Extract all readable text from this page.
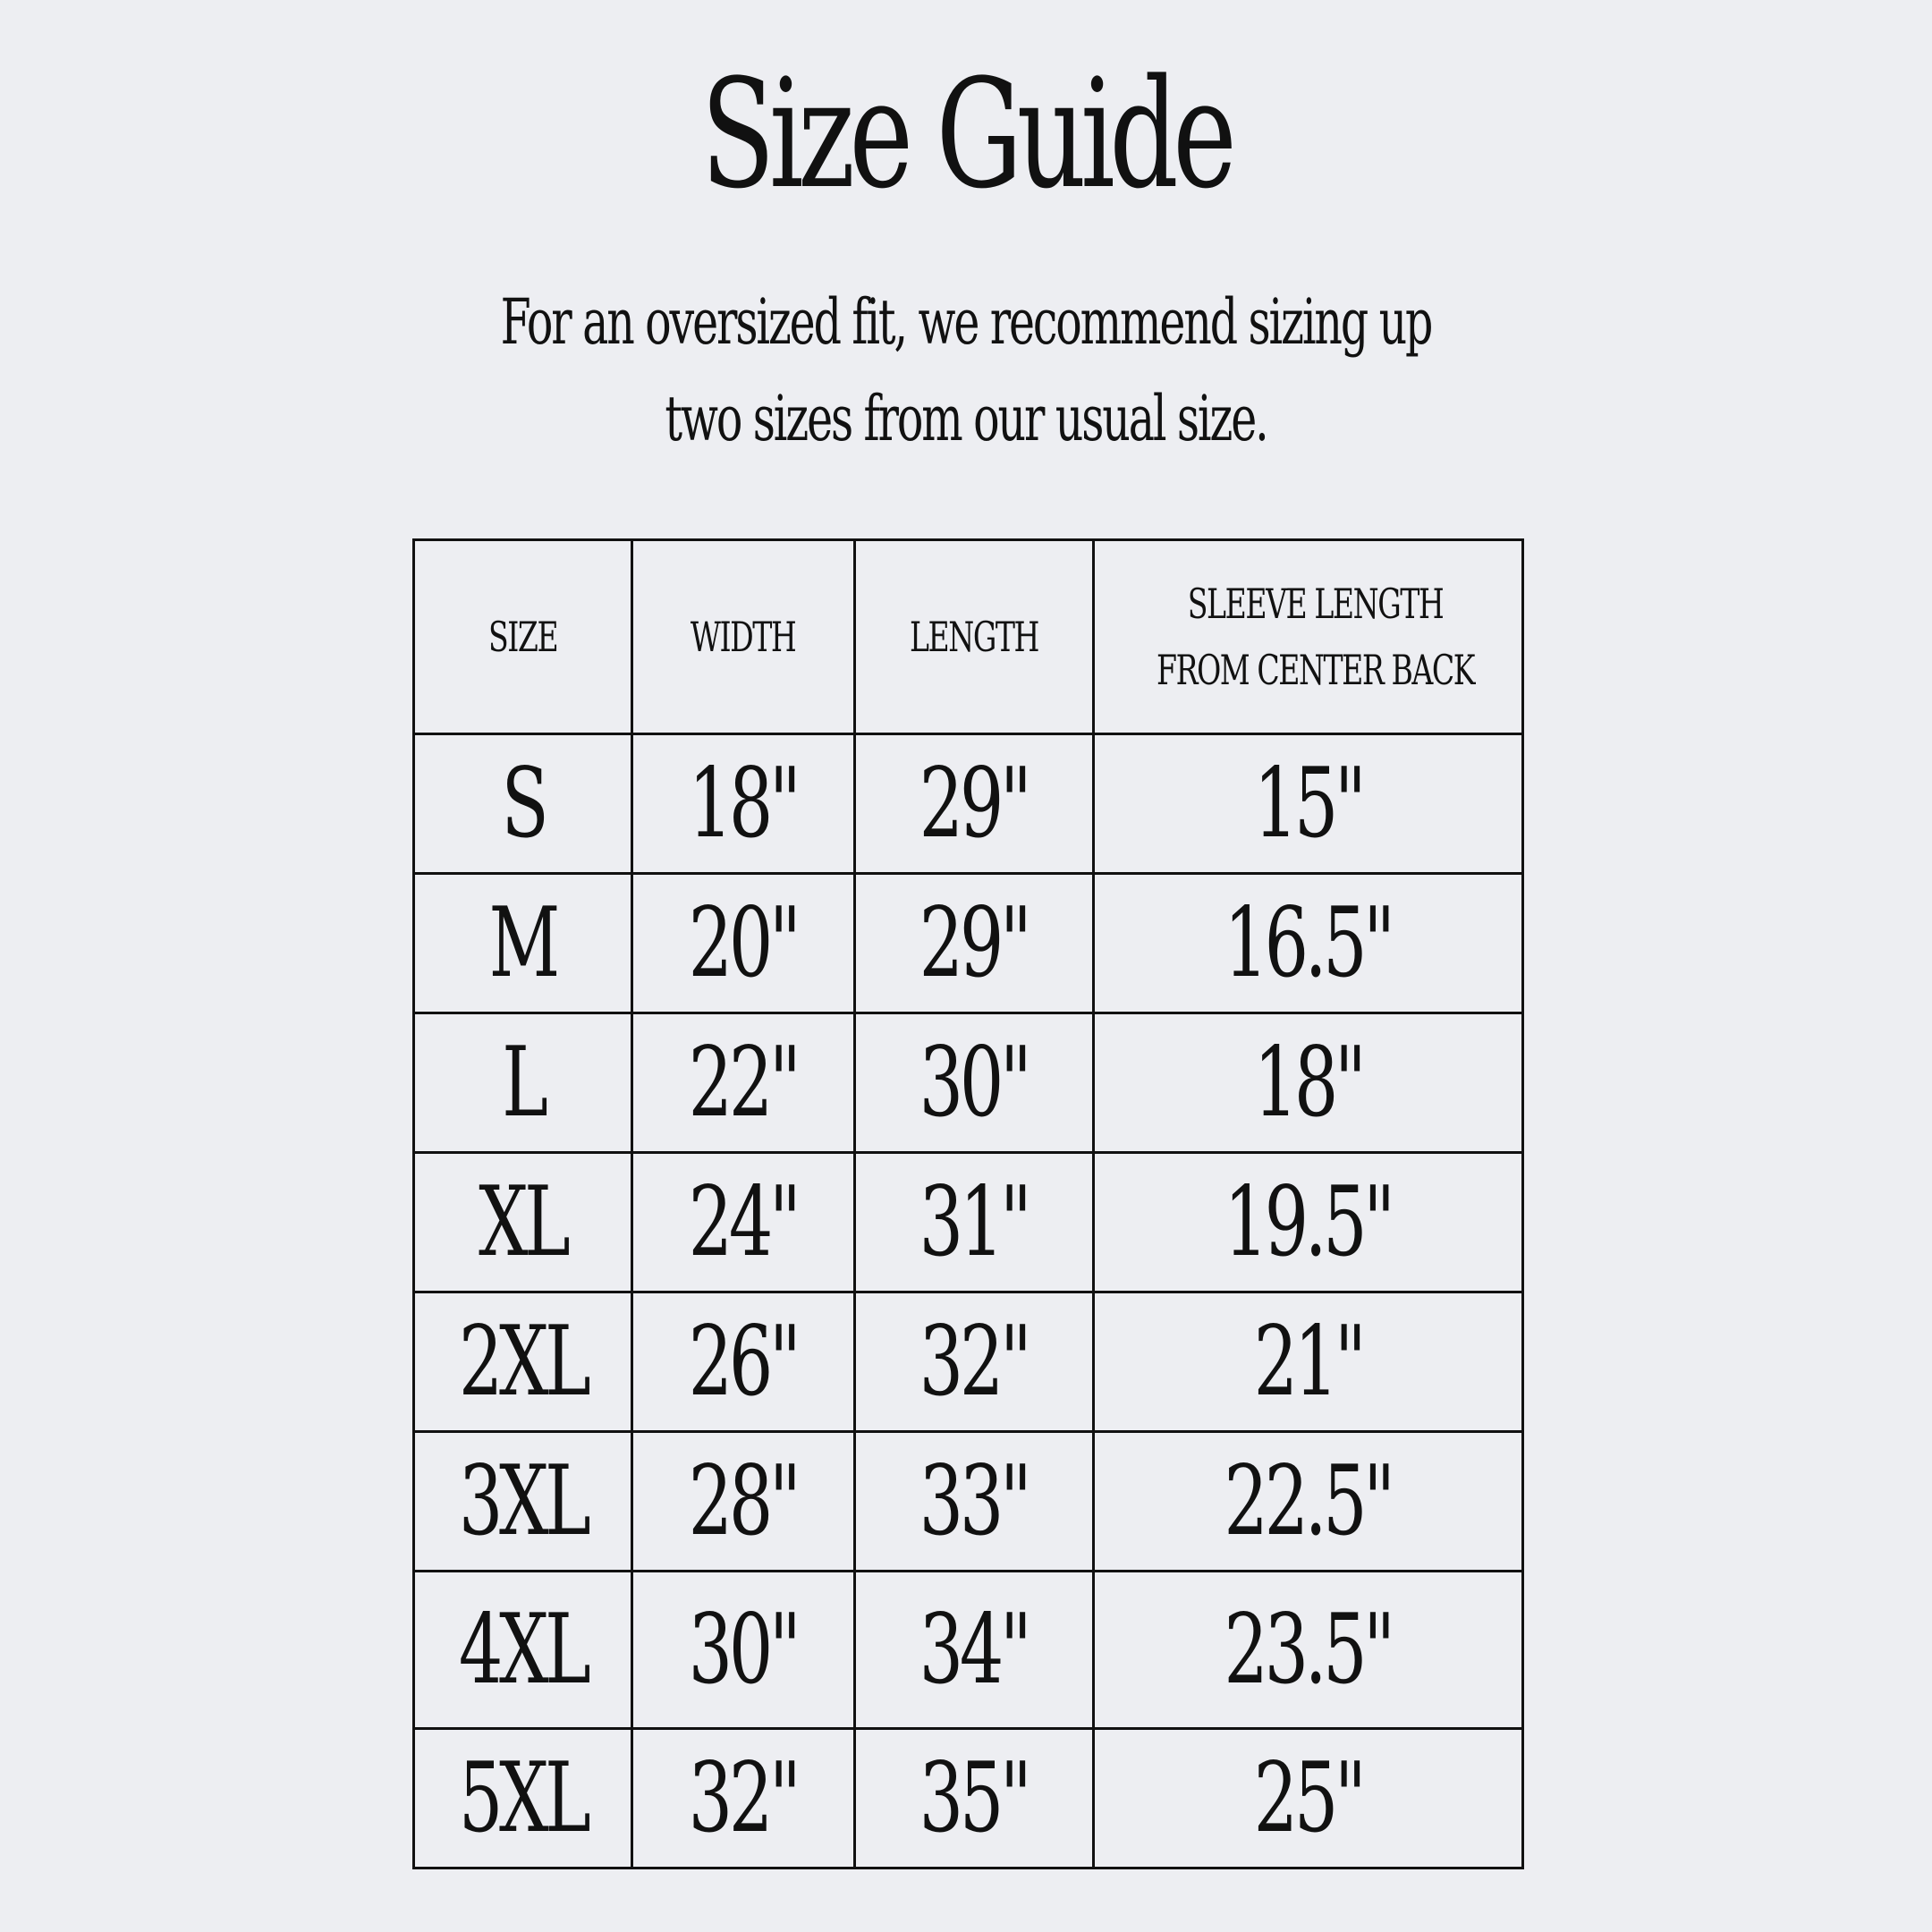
Size Guide
For an oversized fit, we recommend sizing up
two sizes from our usual size.
SIZE	WIDTH	LENGTH	SLEEVE LENGTH
FROM CENTER BACK

S	18"	29"	15"
M	20"	29"	16.5"
L	22"	30"	18"
XL	24"	31"	19.5"
2XL	26"	32"	21"
3XL	28"	33"	22.5"
4XL	30"	34"	23.5"
5XL	32"	35"	25"
